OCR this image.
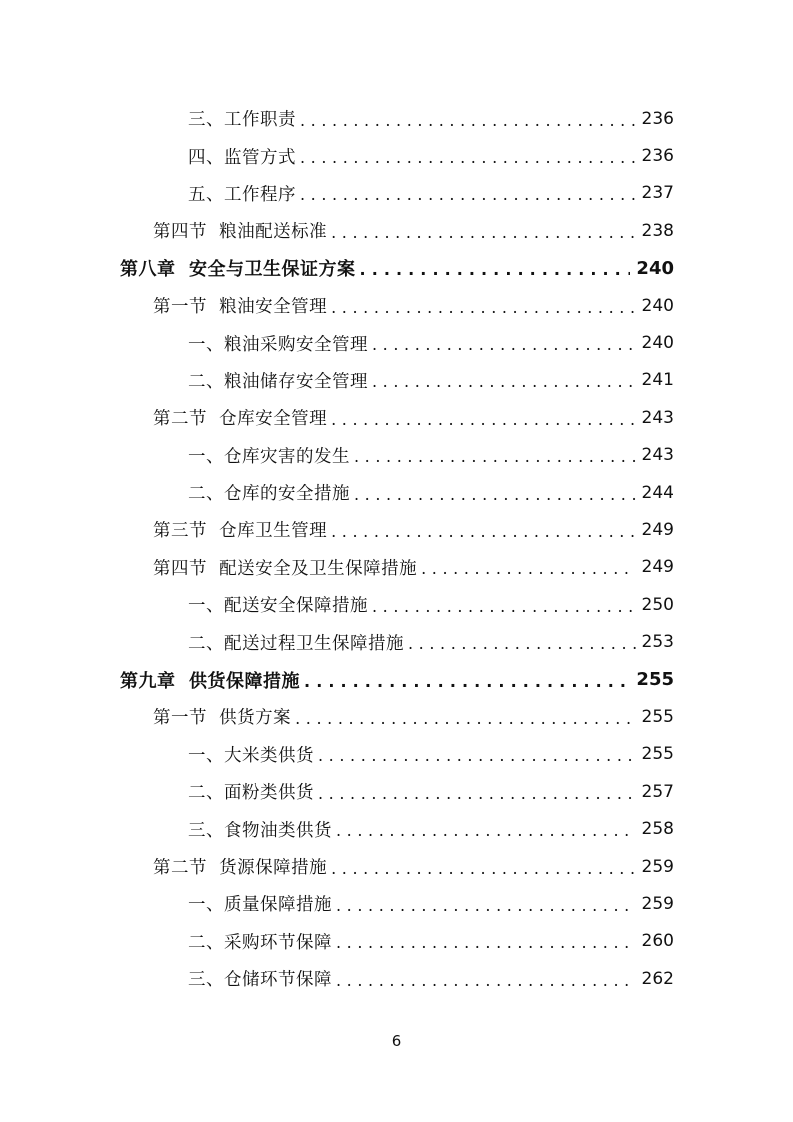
三、工作职责 . . .	236
四、监管方式 . . .	236
五、工作程序 . . .	237
第四节  粮油配送标准 . . .	238
第八章  安全与卫生保证方案 . . .	240
第一节  粮油安全管理 . . .	240
一、粮油采购安全管理 . . .	240
二、粮油储存安全管理 . . .	241
第二节  仓库安全管理 . . .	243
一、仓库灾害的发生 . . .	243
二、仓库的安全措施 . . .	244
第三节  仓库卫生管理 . . .	249
第四节  配送安全及卫生保障措施 . . .	249
一、配送安全保障措施 . . .	250
二、配送过程卫生保障措施 . . .	253
第九章  供货保障措施 . . .	255
第一节  供货方案 . . .	255
一、大米类供货 . . .	255
二、面粉类供货 . . .	257
三、食物油类供货 . . .	258
第二节  货源保障措施 . . .	259
一、质量保障措施 . . .	259
二、采购环节保障 . . .	260
三、仓储环节保障 . . .	262
6
